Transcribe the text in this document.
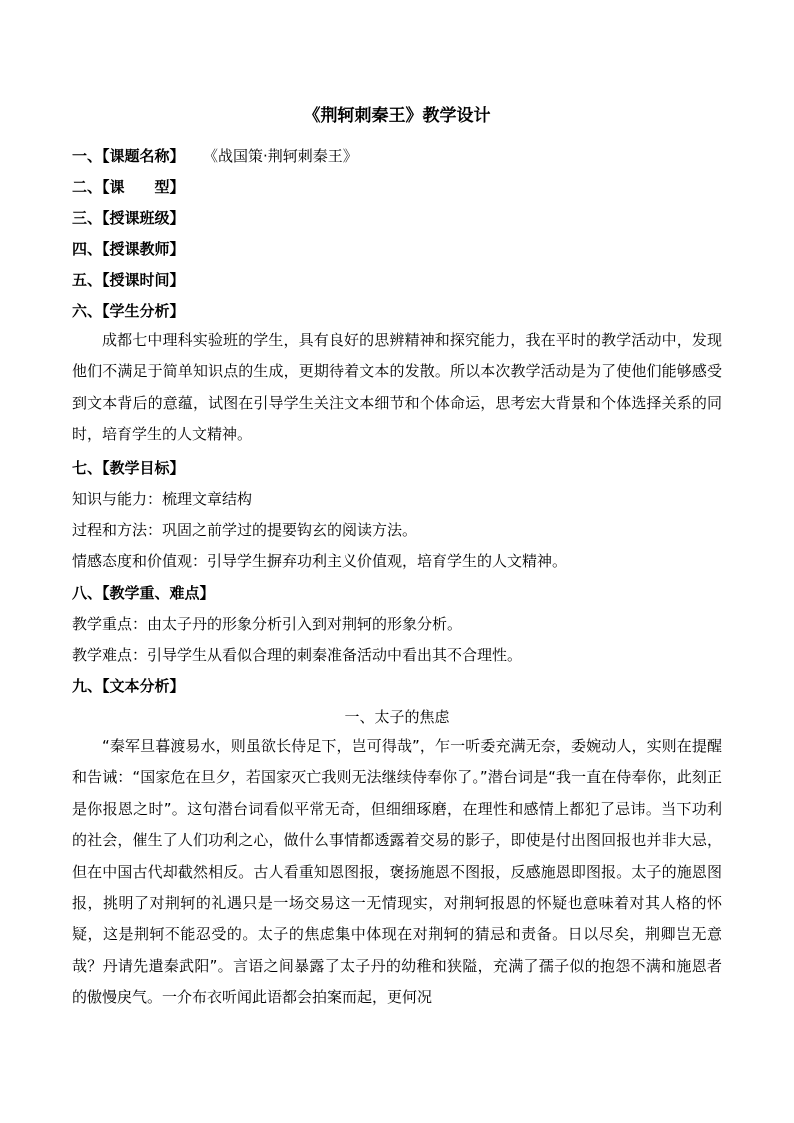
《荆轲刺秦王》教学设计
一、【课题名称】 《战国策·荆轲刺秦王》
二、【课　　型】
三、【授课班级】
四、【授课教师】
五、【授课时间】
六、【学生分析】
成都七中理科实验班的学生，具有良好的思辨精神和探究能力，我在平时的教学活动中，发现他们不满足于简单知识点的生成，更期待着文本的发散。所以本次教学活动是为了使他们能够感受到文本背后的意蕴，试图在引导学生关注文本细节和个体命运，思考宏大背景和个体选择关系的同时，培育学生的人文精神。
七、【教学目标】
知识与能力：梳理文章结构
过程和方法：巩固之前学过的提要钩玄的阅读方法。
情感态度和价值观：引导学生摒弃功利主义价值观，培育学生的人文精神。
八、【教学重、难点】
教学重点：由太子丹的形象分析引入到对荆轲的形象分析。
教学难点：引导学生从看似合理的刺秦准备活动中看出其不合理性。
九、【文本分析】
一、太子的焦虑
“秦军旦暮渡易水，则虽欲长侍足下，岂可得哉”，乍一听委充满无奈，委婉动人，实则在提醒和告诫：“国家危在旦夕，若国家灭亡我则无法继续侍奉你了。”潜台词是“我一直在侍奉你，此刻正是你报恩之时”。这句潜台词看似平常无奇，但细细琢磨，在理性和感情上都犯了忌讳。当下功利的社会，催生了人们功利之心，做什么事情都透露着交易的影子，即使是付出图回报也并非大忌，但在中国古代却截然相反。古人看重知恩图报，褒扬施恩不图报，反感施恩即图报。太子的施恩图报，挑明了对荆轲的礼遇只是一场交易这一无情现实，对荆轲报恩的怀疑也意味着对其人格的怀疑，这是荆轲不能忍受的。太子的焦虑集中体现在对荆轲的猜忌和责备。日以尽矣，荆卿岂无意哉？丹请先遣秦武阳”。言语之间暴露了太子丹的幼稚和狭隘，充满了孺子似的抱怨不满和施恩者的傲慢戾气。一介布衣听闻此语都会拍案而起，更何况
